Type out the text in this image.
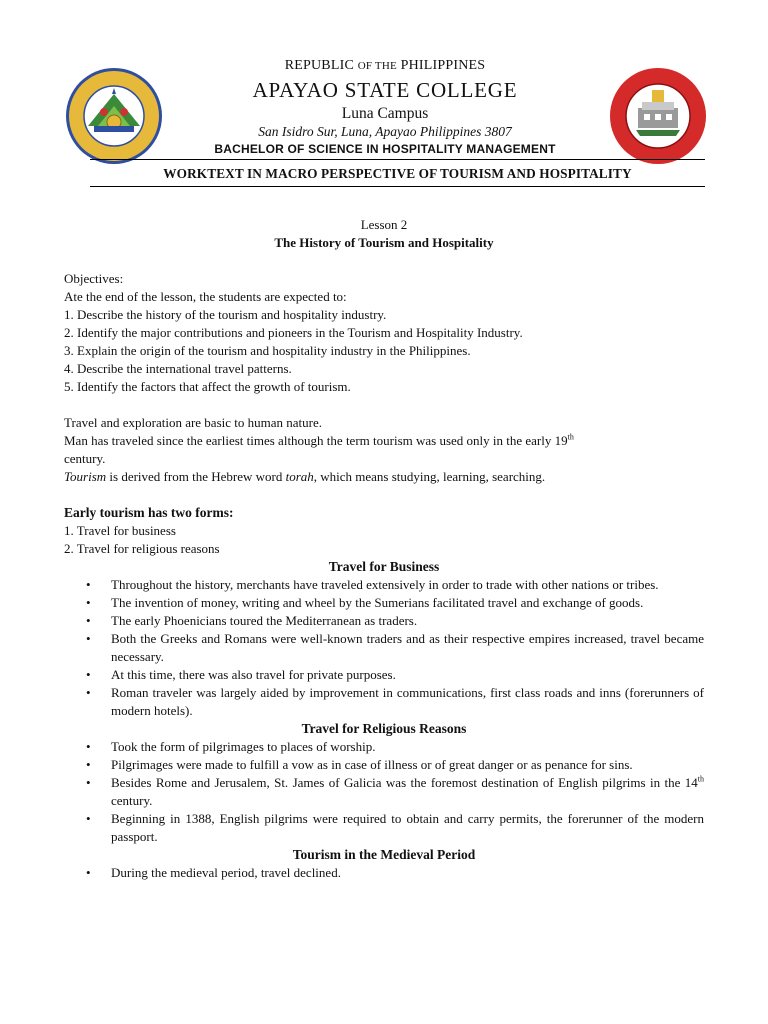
REPUBLIC OF THE PHILIPPINES
APAYAO STATE COLLEGE
Luna Campus
San Isidro Sur, Luna, Apayao Philippines 3807
BACHELOR OF SCIENCE IN HOSPITALITY MANAGEMENT
WORKTEXT IN MACRO PERSPECTIVE OF TOURISM AND HOSPITALITY
Lesson 2
The History of Tourism and Hospitality
Objectives:
Ate the end of the lesson, the students are expected to:
1. Describe the history of the tourism and hospitality industry.
2. Identify the major contributions and pioneers in the Tourism and Hospitality Industry.
3. Explain the origin of the tourism and hospitality industry in the Philippines.
4. Describe the international travel patterns.
5. Identify the factors that affect the growth of tourism.
Travel and exploration are basic to human nature.
Man has traveled since the earliest times although the term tourism was used only in the early 19th
century.
Tourism is derived from the Hebrew word torah, which means studying, learning, searching.
Early tourism has two forms:
1. Travel for business
2. Travel for religious reasons
Travel for Business
• Throughout the history, merchants have traveled extensively in order to trade with other nations or tribes.
• The invention of money, writing and wheel by the Sumerians facilitated travel and exchange of goods.
• The early Phoenicians toured the Mediterranean as traders.
• Both the Greeks and Romans were well-known traders and as their respective empires increased, travel became necessary.
• At this time, there was also travel for private purposes.
• Roman traveler was largely aided by improvement in communications, first class roads and inns (forerunners of modern hotels).
Travel for Religious Reasons
• Took the form of pilgrimages to places of worship.
• Pilgrimages were made to fulfill a vow as in case of illness or of great danger or as penance for sins.
• Besides Rome and Jerusalem, St. James of Galicia was the foremost destination of English pilgrims in the 14th century.
• Beginning in 1388, English pilgrims were required to obtain and carry permits, the forerunner of the modern passport.
Tourism in the Medieval Period
• During the medieval period, travel declined.
